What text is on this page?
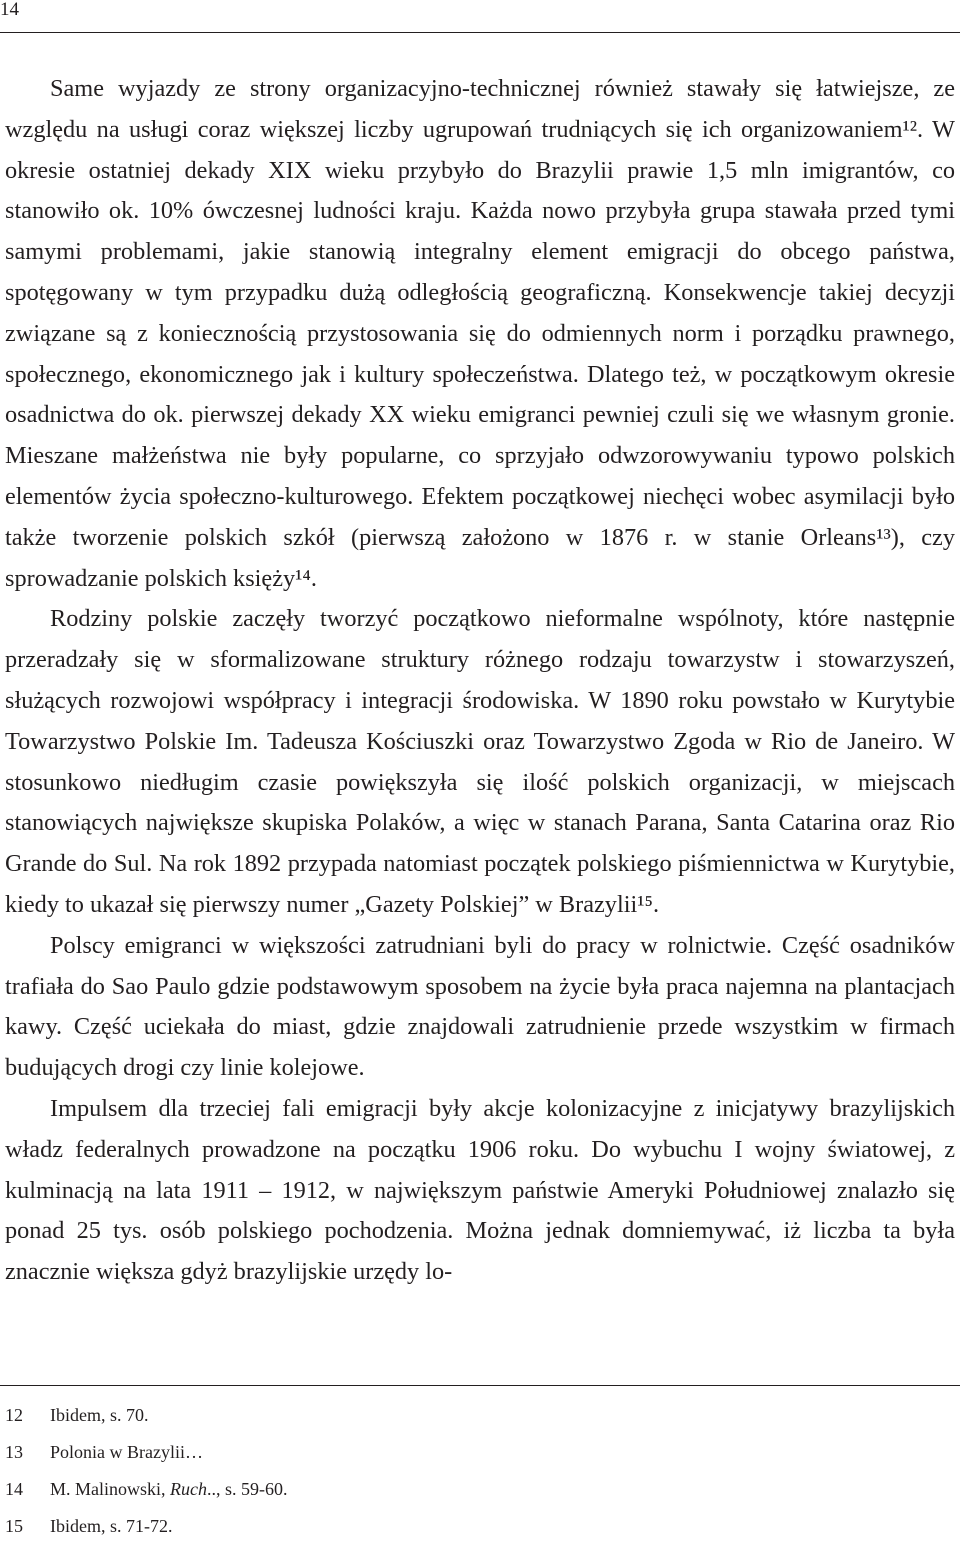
14

Same wyjazdy ze strony organizacyjno-technicznej również stawały się łatwiejsze, ze względu na usługi coraz większej liczby ugrupowań trudniących się ich organizowaniem¹². W okresie ostatniej dekady XIX wieku przybyło do Brazylii prawie 1,5 mln imigrantów, co stanowiło ok. 10% ówczesnej ludności kraju. Każda nowo przybyła grupa stawała przed tymi samymi problemami, jakie stanowią integralny element emigracji do obcego państwa, spotęgowany w tym przypadku dużą odległością geograficzną. Konsekwencje takiej decyzji związane są z koniecznością przystosowania się do odmiennych norm i porządku prawnego, społecznego, ekonomicznego jak i kultury społeczeństwa. Dlatego też, w początkowym okresie osadnictwa do ok. pierwszej dekady XX wieku emigranci pewniej czuli się we własnym gronie. Mieszane małżeństwa nie były popularne, co sprzyjało odwzorowywaniu typowo polskich elementów życia społeczno-kulturowego. Efektem początkowej niechęci wobec asymilacji było także tworzenie polskich szkół (pierwszą założono w 1876 r. w stanie Orleans¹³), czy sprowadzanie polskich księży¹⁴.

Rodziny polskie zaczęły tworzyć początkowo nieformalne wspólnoty, które następnie przeradzały się w sformalizowane struktury różnego rodzaju towarzystw i stowarzyszeń, służących rozwojowi współpracy i integracji środowiska. W 1890 roku powstało w Kurytybie Towarzystwo Polskie Im. Tadeusza Kościuszki oraz Towarzystwo Zgoda w Rio de Janeiro. W stosunkowo niedługim czasie powiększyła się ilość polskich organizacji, w miejscach stanowiących największe skupiska Polaków, a więc w stanach Parana, Santa Catarina oraz Rio Grande do Sul. Na rok 1892 przypada natomiast początek polskiego piśmiennictwa w Kurytybie, kiedy to ukazał się pierwszy numer „Gazety Polskiej” w Brazylii¹⁵.

Polscy emigranci w większości zatrudniani byli do pracy w rolnictwie. Część osadników trafiała do Sao Paulo gdzie podstawowym sposobem na życie była praca najemna na plantacjach kawy. Część uciekała do miast, gdzie znajdowali zatrudnienie przede wszystkim w firmach budujących drogi czy linie kolejowe.

Impulsem dla trzeciej fali emigracji były akcje kolonizacyjne z inicjatywy brazylijskich władz federalnych prowadzone na początku 1906 roku. Do wybuchu I wojny światowej, z kulminacją na lata 1911 – 1912, w największym państwie Ameryki Południowej znalazło się ponad 25 tys. osób polskiego pochodzenia. Można jednak domniemywać, iż liczba ta była znacznie większa gdyż brazylijskie urzędy lo-

12	Ibidem, s. 70.
13	Polonia w Brazylii…
14	M. Malinowski, Ruch.., s. 59-60.
15	Ibidem, s. 71-72.
